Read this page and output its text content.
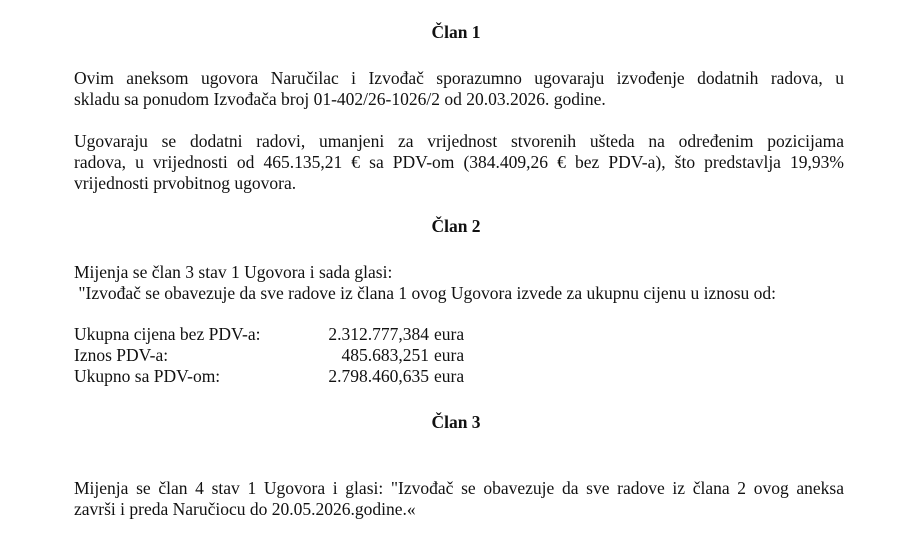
Član 1

Ovim aneksom ugovora Naručilac i Izvođač sporazumno ugovaraju izvođenje dodatnih radova, u
skladu sa ponudom Izvođača broj 01-402/26-1026/2 od 20.03.2026. godine.

Ugovaraju se dodatni radovi, umanjeni za vrijednost stvorenih ušteda na određenim pozicijama
radova, u vrijednosti od 465.135,21 € sa PDV-om (384.409,26 € bez PDV-a), što predstavlja 19,93%
vrijednosti prvobitnog ugovora.

Član 2

Mijenja se član 3 stav 1 Ugovora i sada glasi:
"Izvođač se obavezuje da sve radove iz člana 1 ovog Ugovora izvede za ukupnu cijenu u iznosu od:

Ukupna cijena bez PDV-a:	2.312.777,384 eura
Iznos PDV-a:	485.683,251 eura
Ukupno sa PDV-om:	2.798.460,635 eura
Član 3

Mijenja se član 4 stav 1 Ugovora i glasi: "Izvođač se obavezuje da sve radove iz člana 2 ovog aneksa
završi i preda Naručiocu do 20.05.2026.godine.«
